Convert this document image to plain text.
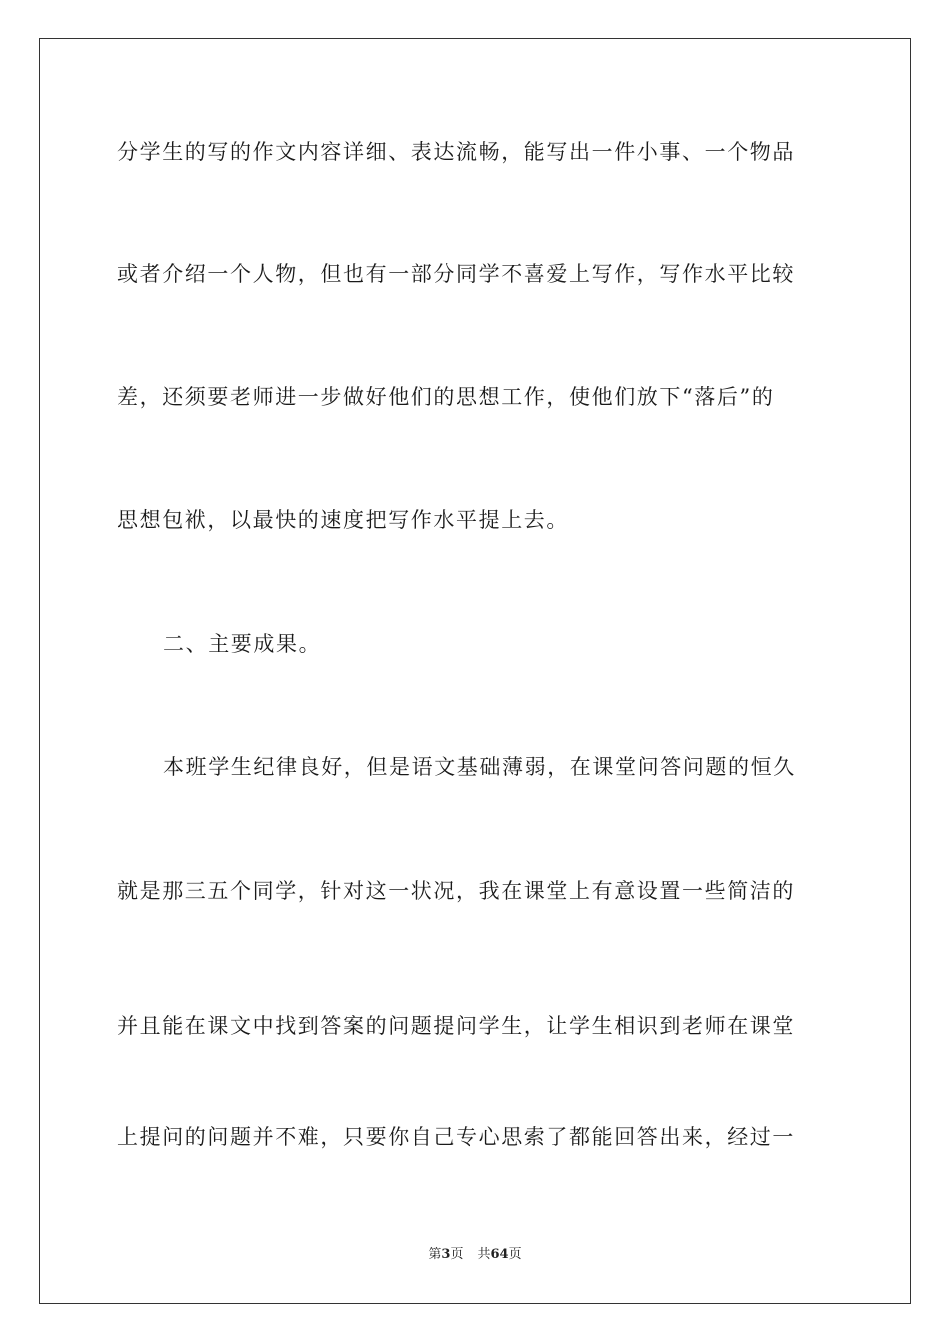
分学生的写的作文内容详细、表达流畅，能写出一件小事、一个物品
或者介绍一个人物，但也有一部分同学不喜爱上写作，写作水平比较
差，还须要老师进一步做好他们的思想工作，使他们放下“落后”的
思想包袱，以最快的速度把写作水平提上去。
二、主要成果。
本班学生纪律良好，但是语文基础薄弱，在课堂问答问题的恒久
就是那三五个同学，针对这一状况，我在课堂上有意设置一些简洁的
并且能在课文中找到答案的问题提问学生，让学生相识到老师在课堂
上提问的问题并不难，只要你自己专心思索了都能回答出来，经过一
第3页 共64页
